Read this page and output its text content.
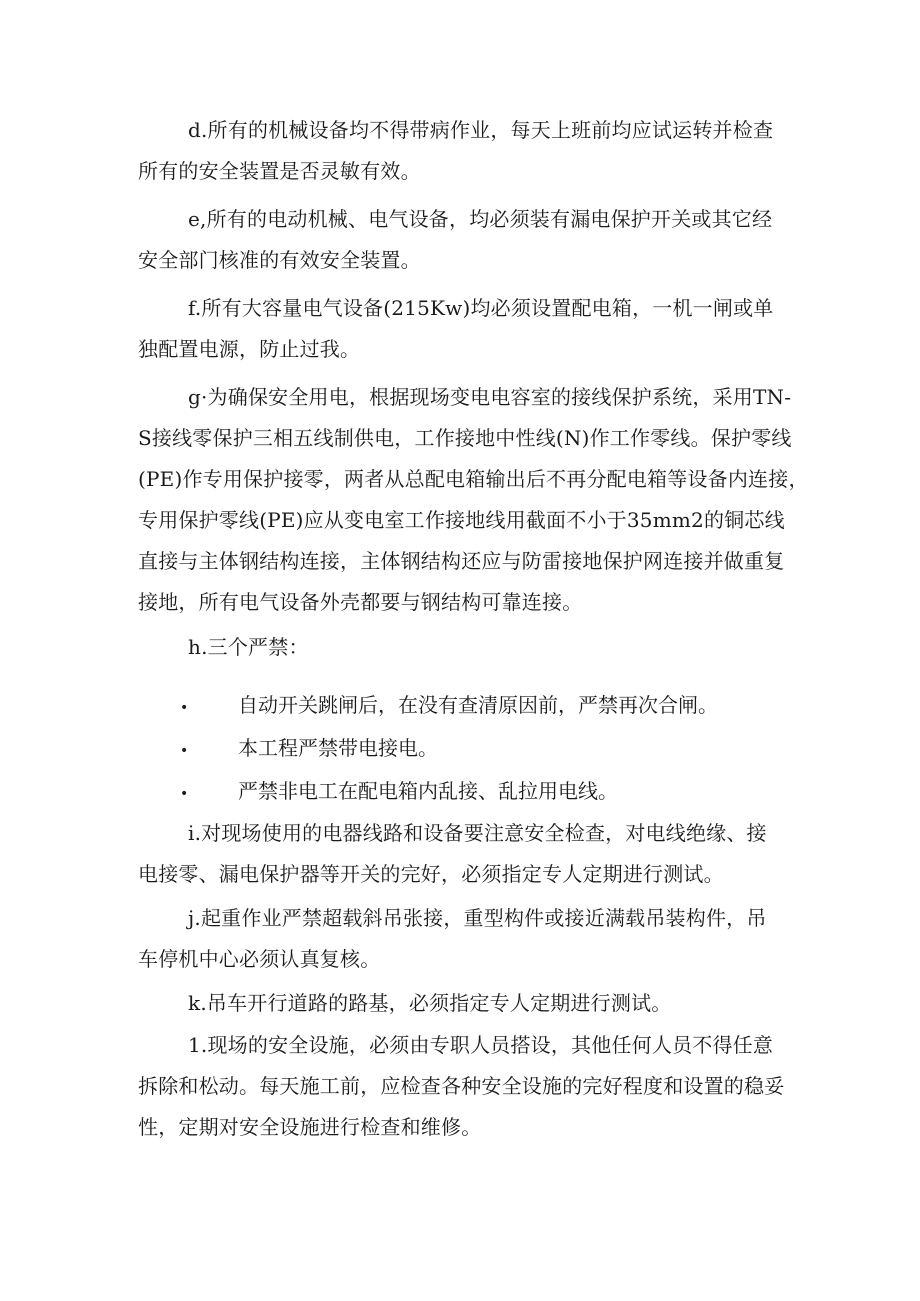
d.所有的机械设备均不得带病作业，每天上班前均应试运转并检查
所有的安全装置是否灵敏有效。
e,所有的电动机械、电气设备，均必须装有漏电保护开关或其它经
安全部门核准的有效安全装置。
f.所有大容量电气设备(215Kw)均必须设置配电箱，一机一闸或单
独配置电源，防止过我。
g·为确保安全用电，根据现场变电电容室的接线保护系统，采用TN-
S接线零保护三相五线制供电，工作接地中性线(N)作工作零线。保护零线
(PE)作专用保护接零，两者从总配电箱输出后不再分配电箱等设备内连接，
专用保护零线(PE)应从变电室工作接地线用截面不小于35mm2的铜芯线
直接与主体钢结构连接，主体钢结构还应与防雷接地保护网连接并做重复
接地，所有电气设备外壳都要与钢结构可靠连接。
h.三个严禁：
• 自动开关跳闸后，在没有查清原因前，严禁再次合闸。
• 本工程严禁带电接电。
• 严禁非电工在配电箱内乱接、乱拉用电线。
i.对现场使用的电器线路和设备要注意安全检查，对电线绝缘、接
电接零、漏电保护器等开关的完好，必须指定专人定期进行测试。
j.起重作业严禁超载斜吊张接，重型构件或接近满载吊装构件，吊
车停机中心必须认真复核。
k.吊车开行道路的路基，必须指定专人定期进行测试。
1.现场的安全设施，必须由专职人员搭设，其他任何人员不得任意
拆除和松动。每天施工前，应检查各种安全设施的完好程度和设置的稳妥
性，定期对安全设施进行检查和维修。
